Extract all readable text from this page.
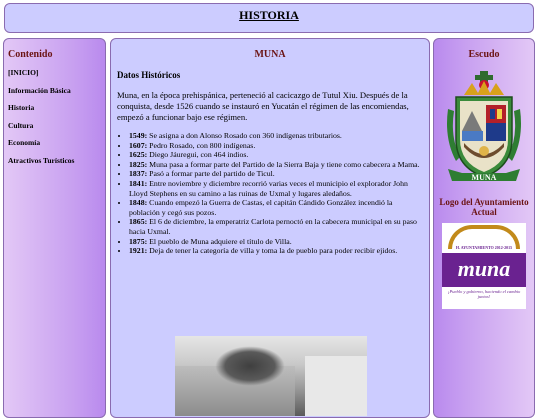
HISTORIA
Contenido
[INICIO]
Información Básica
Historia
Cultura
Economía
Atractivos Turísticos
MUNA
Datos Históricos

Muna, en la época prehispánica, perteneció al cacicazgo de Tutul Xiu. Después de la conquista, desde 1526 cuando se instauró en Yucatán el régimen de las encomiendas, empezó a funcionar bajo ese régimen.

• 1549: Se asigna a don Alonso Rosado con 360 indígenas tributarios.
• 1607: Pedro Rosado, con 800 indígenas.
• 1625: Diego Jáuregui, con 464 indios.
• 1825: Muna pasa a formar parte del Partido de la Sierra Baja y tiene como cabecera a Mama.
• 1837: Pasó a formar parte del partido de Ticul.
• 1841: Entre noviembre y diciembre recorrió varias veces el municipio el explorador John Lloyd Stephens en su camino a las ruinas de Uxmal y lugares aledaños.
• 1848: Cuando empezó la Guerra de Castas, el capitán Cándido González incendió la población y cegó sus pozos.
• 1865: El 6 de diciembre, la emperatriz Carlota pernoctó en la cabecera municipal en su paso hacia Uxmal.
• 1875: El pueblo de Muna adquiere el título de Villa.
• 1921: Deja de tener la categoría de villa y toma la de pueblo para poder recibir ejidos.
Escudo
MUNA
Logo del Ayuntamiento Actual
H. AYUNTAMIENTO 2012-2015
muna
¡Pueblo y gobierno, haciendo el cambio juntos!
